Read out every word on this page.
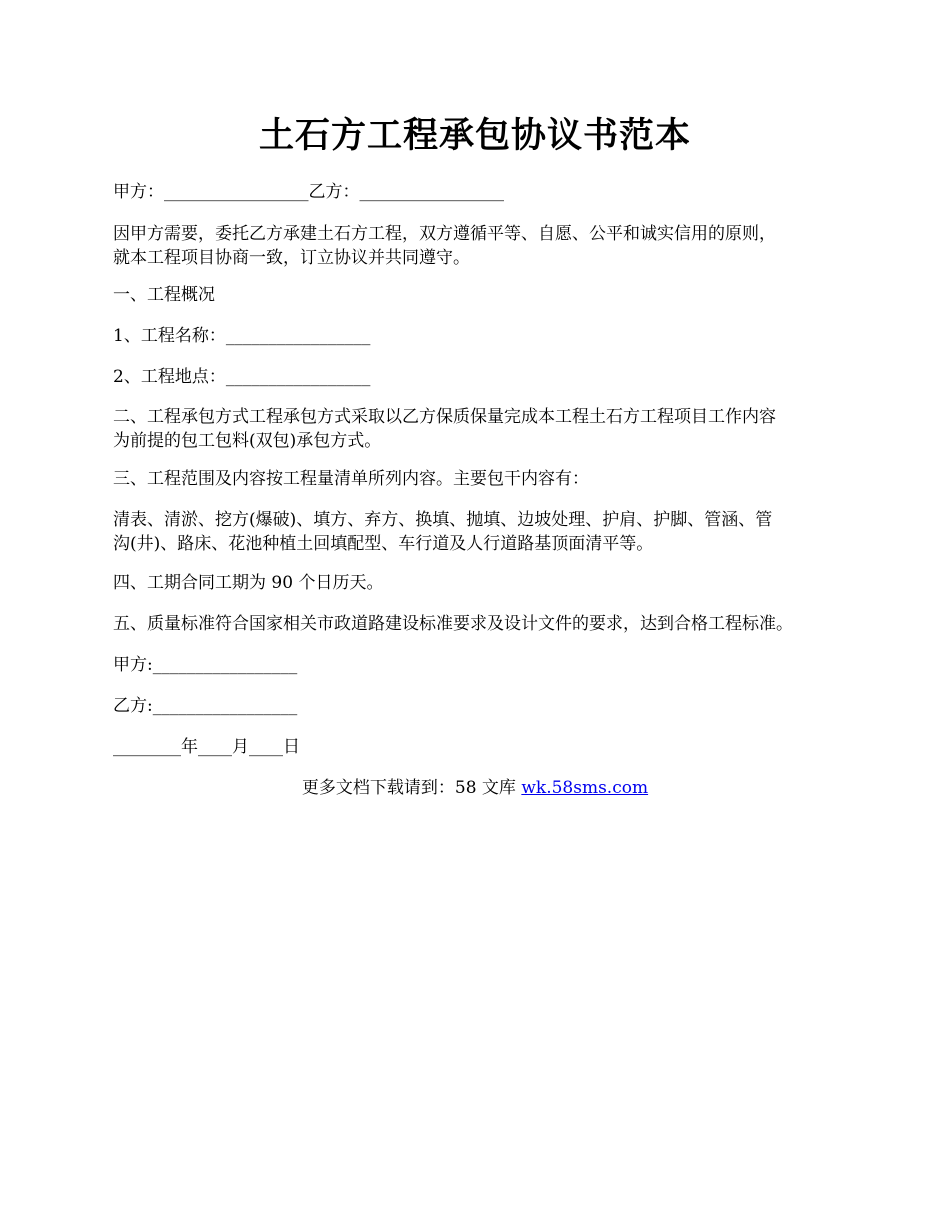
土石方工程承包协议书范本
甲方：_________________乙方：_________________
因甲方需要，委托乙方承建土石方工程，双方遵循平等、自愿、公平和诚实信用的原则，
就本工程项目协商一致，订立协议并共同遵守。
一、工程概况
1、工程名称：_________________
2、工程地点：_________________
二、工程承包方式工程承包方式采取以乙方保质保量完成本工程土石方工程项目工作内容
为前提的包工包料(双包)承包方式。
三、工程范围及内容按工程量清单所列内容。主要包干内容有：
清表、清淤、挖方(爆破)、填方、弃方、换填、抛填、边坡处理、护肩、护脚、管涵、管
沟(井)、路床、花池种植土回填配型、车行道及人行道路基顶面清平等。
四、工期合同工期为 90 个日历天。
五、质量标准符合国家相关市政道路建设标准要求及设计文件的要求，达到合格工程标准。
甲方:_________________
乙方:_________________
________年____月____日
更多文档下载请到：58 文库 wk.58sms.com
